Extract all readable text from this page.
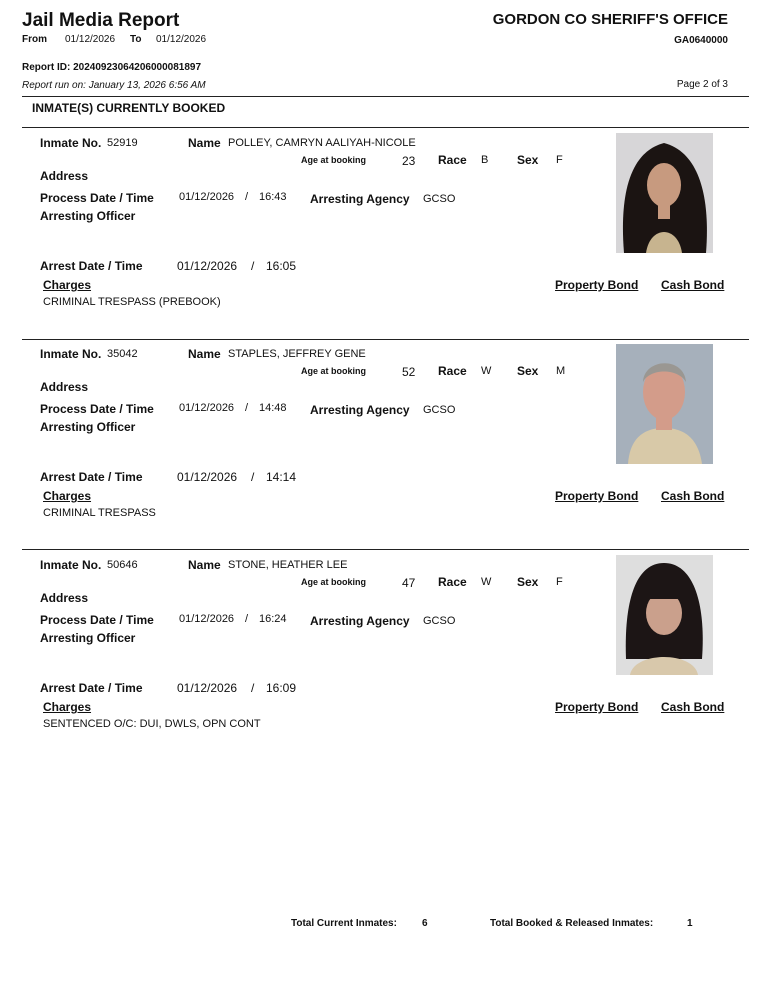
Jail Media Report	GORDON CO SHERIFF'S OFFICE
From 01/12/2026 To 01/12/2026	GA0640000
Report ID: 20240923064206000081897
Report run on: January 13, 2026 6:56 AM	Page 2 of 3
INMATE(S) CURRENTLY BOOKED
Inmate No. 52919	Name POLLEY, CAMRYN AALIYAH-NICOLE
Age at booking	23 Race B Sex F
Address
Process Date / Time 01/12/2026 / 16:43 Arresting Agency GCSO
Arresting Officer
Arrest Date / Time	01/12/2026 / 16:05
Charges	Property Bond Cash Bond
CRIMINAL TRESPASS (PREBOOK)
Inmate No. 35042	Name STAPLES, JEFFREY GENE
Age at booking	52 Race W Sex M
Address
Process Date / Time 01/12/2026 / 14:48 Arresting Agency GCSO
Arresting Officer
Arrest Date / Time	01/12/2026 / 14:14
Charges	Property Bond Cash Bond
CRIMINAL TRESPASS
Inmate No. 50646	Name STONE, HEATHER LEE
Age at booking	47 Race W Sex F
Address
Process Date / Time 01/12/2026 / 16:24 Arresting Agency GCSO
Arresting Officer
Arrest Date / Time	01/12/2026 / 16:09
Charges	Property Bond Cash Bond
SENTENCED O/C: DUI, DWLS, OPN CONT
Total Current Inmates:	6	Total Booked & Released Inmates:	1
